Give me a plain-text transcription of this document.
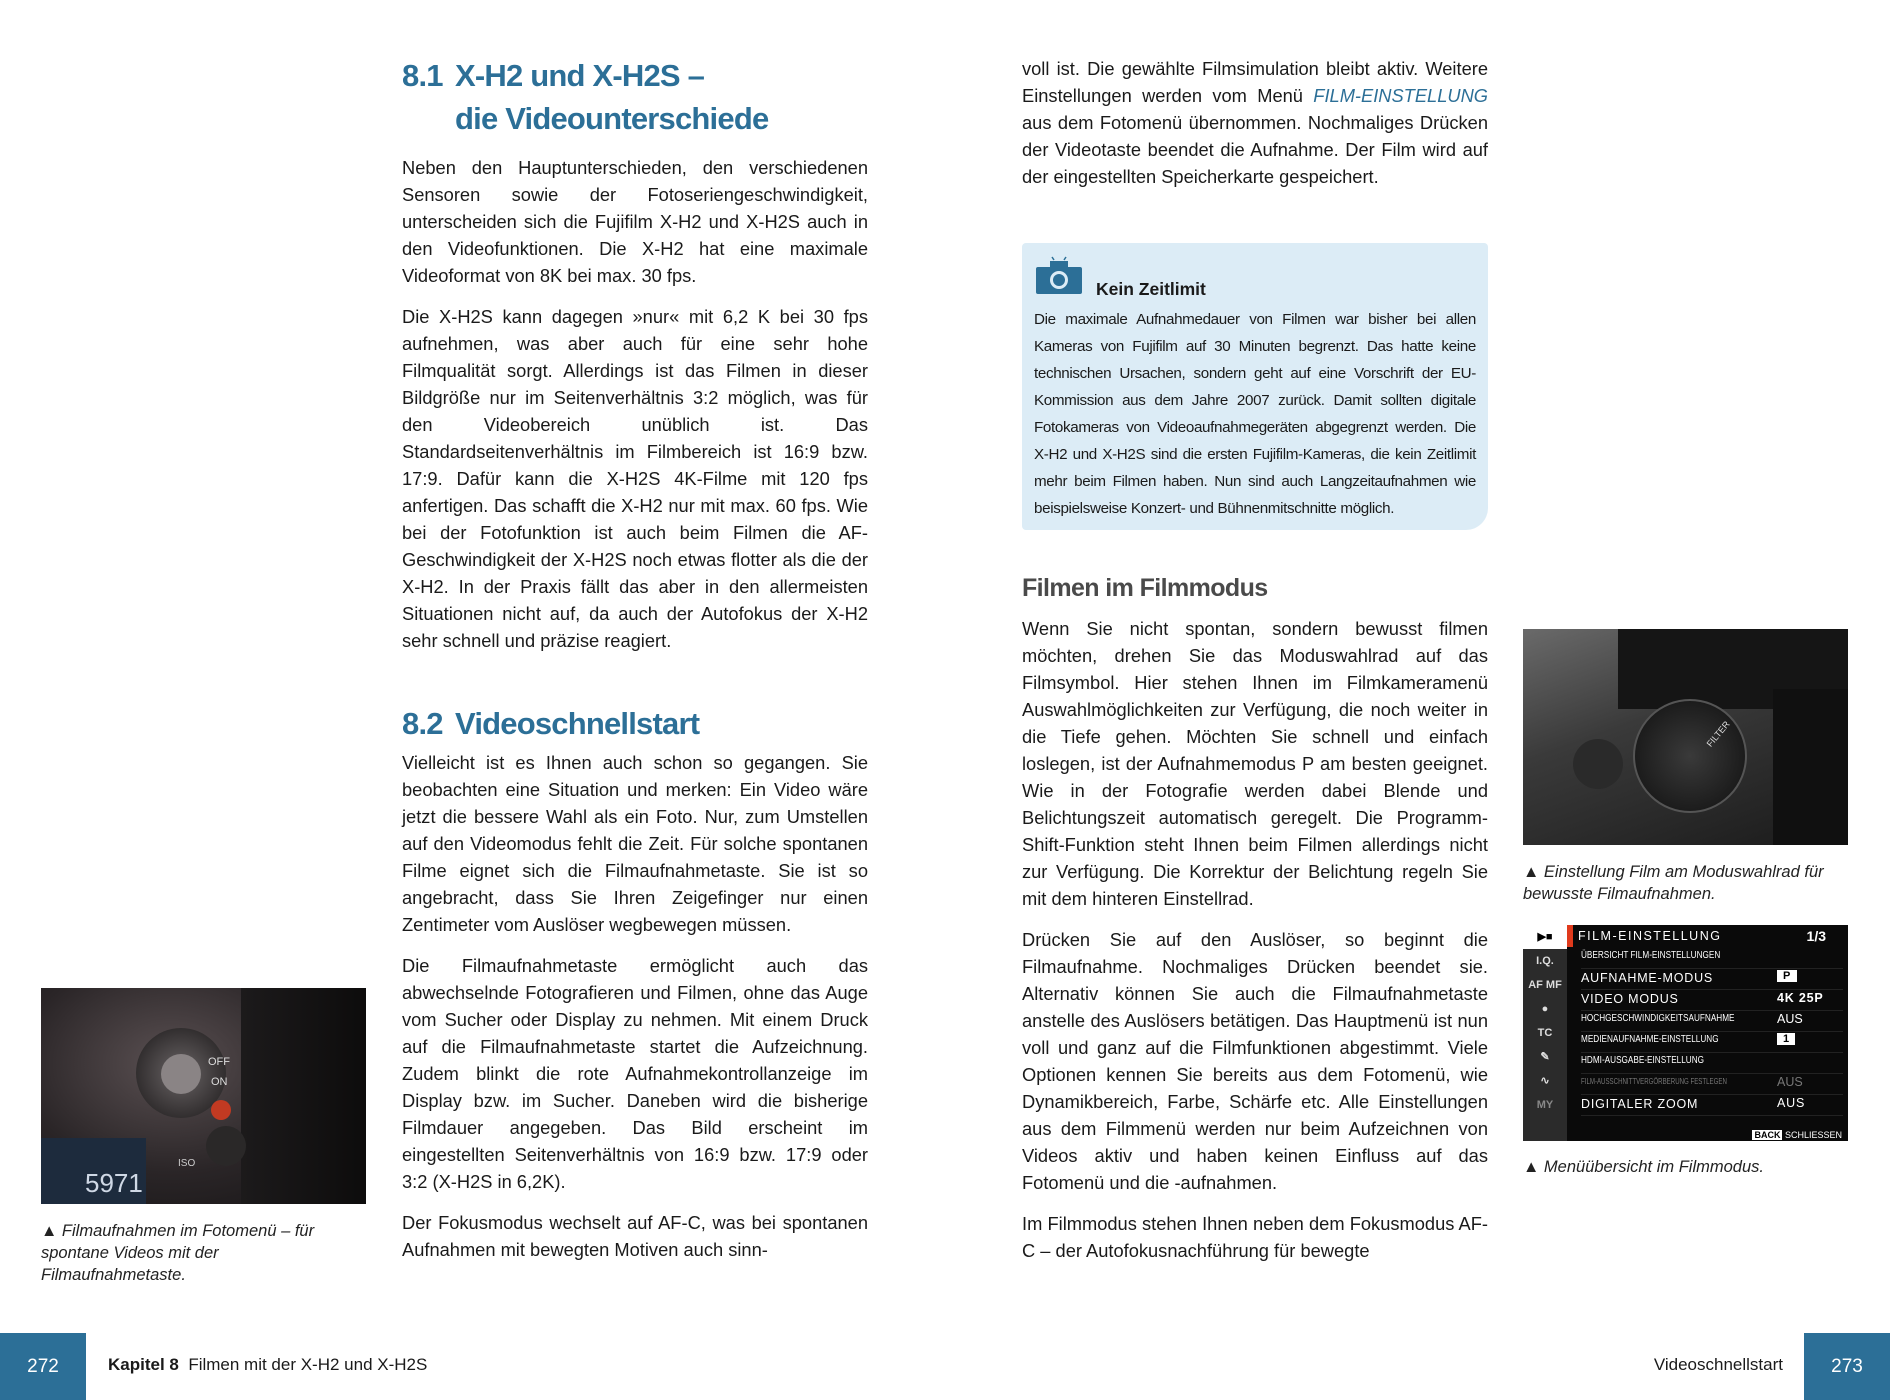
8.1 X-H2 und X-H2S –
die Videounterschiede

Neben den Hauptunterschieden, den verschiedenen Sensoren sowie der Fotoseriengeschwindigkeit, unterscheiden sich die Fujifilm X-H2 und X-H2S auch in den Videofunktionen. Die X-H2 hat eine maximale Videoformat von 8K bei max. 30 fps.

Die X-H2S kann dagegen »nur« mit 6,2 K bei 30 fps aufnehmen, was aber auch für eine sehr hohe Filmqualität sorgt. Allerdings ist das Filmen in dieser Bildgröße nur im Seitenverhältnis 3:2 möglich, was für den Videobereich unüblich ist. Das Standardseitenverhältnis im Filmbereich ist 16:9 bzw. 17:9. Dafür kann die X-H2S 4K-Filme mit 120 fps anfertigen. Das schafft die X-H2 nur mit max. 60 fps. Wie bei der Fotofunktion ist auch beim Filmen die AF-Geschwindigkeit der X-H2S noch etwas flotter als die der X-H2. In der Praxis fällt das aber in den allermeisten Situationen nicht auf, da auch der Autofokus der X-H2 sehr schnell und präzise reagiert.

8.2 Videoschnellstart

Vielleicht ist es Ihnen auch schon so gegangen. Sie beobachten eine Situation und merken: Ein Video wäre jetzt die bessere Wahl als ein Foto. Nur, zum Umstellen auf den Videomodus fehlt die Zeit. Für solche spontanen Filme eignet sich die Filmaufnahmetaste. Sie ist so angebracht, dass Sie Ihren Zeigefinger nur einen Zentimeter vom Auslöser wegbewegen müssen.

Die Filmaufnahmetaste ermöglicht auch das abwechselnde Fotografieren und Filmen, ohne das Auge vom Sucher oder Display zu nehmen. Mit einem Druck auf die Filmaufnahmetaste startet die Aufzeichnung. Zudem blinkt die rote Aufnahmekontrollanzeige im Display bzw. im Sucher. Daneben wird die bisherige Filmdauer angegeben. Das Bild erscheint im eingestellten Seitenverhältnis von 16:9 bzw. 17:9 oder 3:2 (X-H2S in 6,2K).

Der Fokusmodus wechselt auf AF-C, was bei spontanen Aufnahmen mit bewegten Motiven auch sinn-

OFF
ON
ISO
5971
▲ Filmaufnahmen im Fotomenü – für spontane Videos mit der Filmaufnahmetaste.
272	Kapitel 8 Filmen mit der X-H2 und X-H2S

voll ist. Die gewählte Filmsimulation bleibt aktiv. Weitere Einstellungen werden vom Menü FILM-EINSTELLUNG aus dem Fotomenü übernommen. Nochmaliges Drücken der Videotaste beendet die Aufnahme. Der Film wird auf der eingestellten Speicherkarte gespeichert.

Kein Zeitlimit

Die maximale Aufnahmedauer von Filmen war bisher bei allen Kameras von Fujifilm auf 30 Minuten begrenzt. Das hatte keine technischen Ursachen, sondern geht auf eine Vorschrift der EU-Kommission aus dem Jahre 2007 zurück. Damit sollten digitale Fotokameras von Videoaufnahmegeräten abgegrenzt werden. Die X-H2 und X-H2S sind die ersten Fujifilm-Kameras, die kein Zeitlimit mehr beim Filmen haben. Nun sind auch Langzeitaufnahmen wie beispielsweise Konzert- und Bühnenmitschnitte möglich.

Filmen im Filmmodus

Wenn Sie nicht spontan, sondern bewusst filmen möchten, drehen Sie das Moduswahlrad auf das Filmsymbol. Hier stehen Ihnen im Filmkameramenü Auswahlmöglichkeiten zur Verfügung, die noch weiter in die Tiefe gehen. Möchten Sie schnell und einfach loslegen, ist der Aufnahmemodus P am besten geeignet. Wie in der Fotografie werden dabei Blende und Belichtungszeit automatisch geregelt. Die Programm-Shift-Funktion steht Ihnen beim Filmen allerdings nicht zur Verfügung. Die Korrektur der Belichtung regeln Sie mit dem hinteren Einstellrad.

Drücken Sie auf den Auslöser, so beginnt die Filmaufnahme. Nochmaliges Drücken beendet sie. Alternativ können Sie auch die Filmaufnahmetaste anstelle des Auslösers betätigen. Das Hauptmenü ist nun voll und ganz auf die Filmfunktionen abgestimmt. Viele Optionen kennen Sie bereits aus dem Fotomenü, wie Dynamikbereich, Farbe, Schärfe etc. Alle Einstellungen aus dem Filmmenü werden nur beim Aufzeichnen von Videos aktiv und haben keinen Einfluss auf das Fotomenü und die -aufnahmen.

Im Filmmodus stehen Ihnen neben dem Fokusmodus AF-C – der Autofokusnachführung für bewegte

FILTER
▲ Einstellung Film am Moduswahlrad für bewusste Filmaufnahmen.
▶■
I.Q.
AF MF
●
TC
✎
∿
MY
FILM-EINSTELLUNG	1/3
ÜBERSICHT FILM-EINSTELLUNGEN
AUFNAHME-MODUS	P
VIDEO MODUS	4K 25P
HOCHGESCHWINDIGKEITSAUFNAHME	AUS
MEDIENAUFNAHME-EINSTELLUNG	1
HDMI-AUSGABE-EINSTELLUNG
FILM-AUSSCHNITTVERGÖRBERUNG FESTLEGEN	AUS
DIGITALER ZOOM	AUS
BACK SCHLIESSEN
▲ Menüübersicht im Filmmodus.
Videoschnellstart	273
